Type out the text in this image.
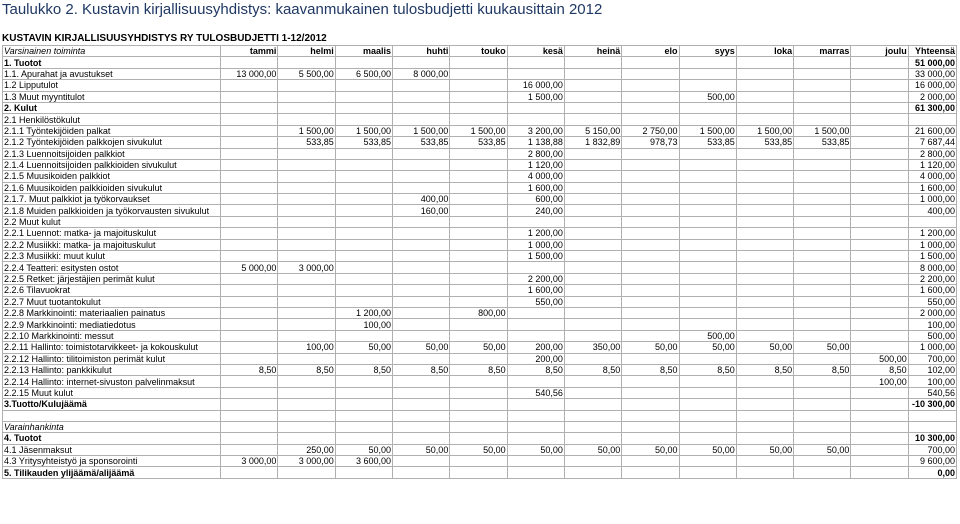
Taulukko 2. Kustavin kirjallisuusyhdistys: kaavanmukainen tulosbudjetti kuukausittain 2012
KUSTAVIN KIRJALLISUUSYHDISTYS RY TULOSBUDJETTI 1-12/2012
Varsinainen toiminta	tammi	helmi	maalis	huhti	touko	kesä	heinä	elo	syys	loka	marras	joulu	Yhteensä
1. Tuotot													51 000,00
1.1. Apurahat ja avustukset	13 000,00	5 500,00	6 500,00	8 000,00									33 000,00
1.2 Lipputulot						16 000,00							16 000,00
1.3 Muut myyntitulot						1 500,00			500,00				2 000,00
2. Kulut													61 300,00
2.1 Henkilöstökulut													
2.1.1 Työntekijöiden palkat		1 500,00	1 500,00	1 500,00	1 500,00	3 200,00	5 150,00	2 750,00	1 500,00	1 500,00	1 500,00		21 600,00
2.1.2 Työntekijöiden palkkojen sivukulut		533,85	533,85	533,85	533,85	1 138,88	1 832,89	978,73	533,85	533,85	533,85		7 687,44
2.1.3 Luennoitsijoiden palkkiot						2 800,00							2 800,00
2.1.4 Luennoitsijoiden palkkioiden sivukulut						1 120,00							1 120,00
2.1.5 Muusikoiden palkkiot						4 000,00							4 000,00
2.1.6 Muusikoiden palkkioiden sivukulut						1 600,00							1 600,00
2.1.7. Muut palkkiot ja työkorvaukset				400,00		600,00							1 000,00
2.1.8 Muiden palkkioiden ja työkorvausten sivukulut				160,00		240,00							400,00
2.2 Muut kulut													
2.2.1 Luennot: matka- ja majoituskulut						1 200,00							1 200,00
2.2.2 Musiikki: matka- ja majoituskulut						1 000,00							1 000,00
2.2.3 Musiikki: muut kulut						1 500,00							1 500,00
2.2.4 Teatteri: esitysten ostot	5 000,00	3 000,00											8 000,00
2.2.5 Retket: järjestäjien perimät kulut						2 200,00							2 200,00
2.2.6 Tilavuokrat						1 600,00							1 600,00
2.2.7 Muut tuotantokulut						550,00							550,00
2.2.8 Markkinointi: materiaalien painatus			1 200,00		800,00								2 000,00
2.2.9 Markkinointi: mediatiedotus			100,00										100,00
2.2.10 Markkinointi: messut									500,00				500,00
2.2.11 Hallinto: toimistotarvikkeet- ja kokouskulut		100,00	50,00	50,00	50,00	200,00	350,00	50,00	50,00	50,00	50,00		1 000,00
2.2.12 Hallinto: tilitoimiston perimät kulut						200,00						500,00	700,00
2.2.13 Hallinto: pankkikulut	8,50	8,50	8,50	8,50	8,50	8,50	8,50	8,50	8,50	8,50	8,50	8,50	102,00
2.2.14 Hallinto: internet-sivuston palvelinmaksut												100,00	100,00
2.2.15 Muut kulut						540,56							540,56
3.Tuotto/Kulujäämä													-10 300,00

Varainhankinta													
4. Tuotot													10 300,00
4.1 Jäsenmaksut		250,00	50,00	50,00	50,00	50,00	50,00	50,00	50,00	50,00	50,00		700,00
4.3 Yritysyhteistyö ja sponsorointi	3 000,00	3 000,00	3 600,00										9 600,00
5. Tilikauden ylijäämä/alijäämä													0,00
